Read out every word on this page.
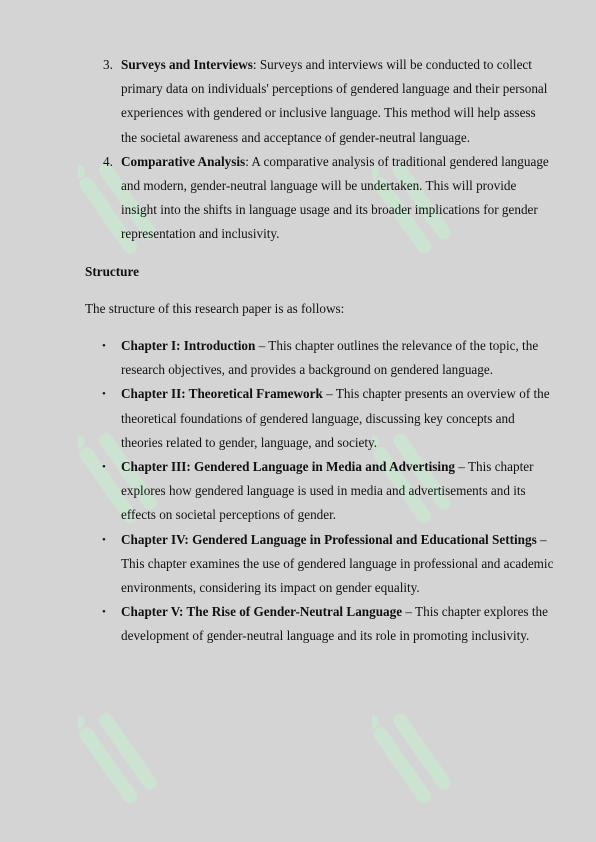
3. Surveys and Interviews: Surveys and interviews will be conducted to collect primary data on individuals' perceptions of gendered language and their personal experiences with gendered or inclusive language. This method will help assess the societal awareness and acceptance of gender-neutral language.
4. Comparative Analysis: A comparative analysis of traditional gendered language and modern, gender-neutral language will be undertaken. This will provide insight into the shifts in language usage and its broader implications for gender representation and inclusivity.
Structure
The structure of this research paper is as follows:
• Chapter I: Introduction – This chapter outlines the relevance of the topic, the research objectives, and provides a background on gendered language.
• Chapter II: Theoretical Framework – This chapter presents an overview of the theoretical foundations of gendered language, discussing key concepts and theories related to gender, language, and society.
• Chapter III: Gendered Language in Media and Advertising – This chapter explores how gendered language is used in media and advertisements and its effects on societal perceptions of gender.
• Chapter IV: Gendered Language in Professional and Educational Settings – This chapter examines the use of gendered language in professional and academic environments, considering its impact on gender equality.
• Chapter V: The Rise of Gender-Neutral Language – This chapter explores the development of gender-neutral language and its role in promoting inclusivity.
